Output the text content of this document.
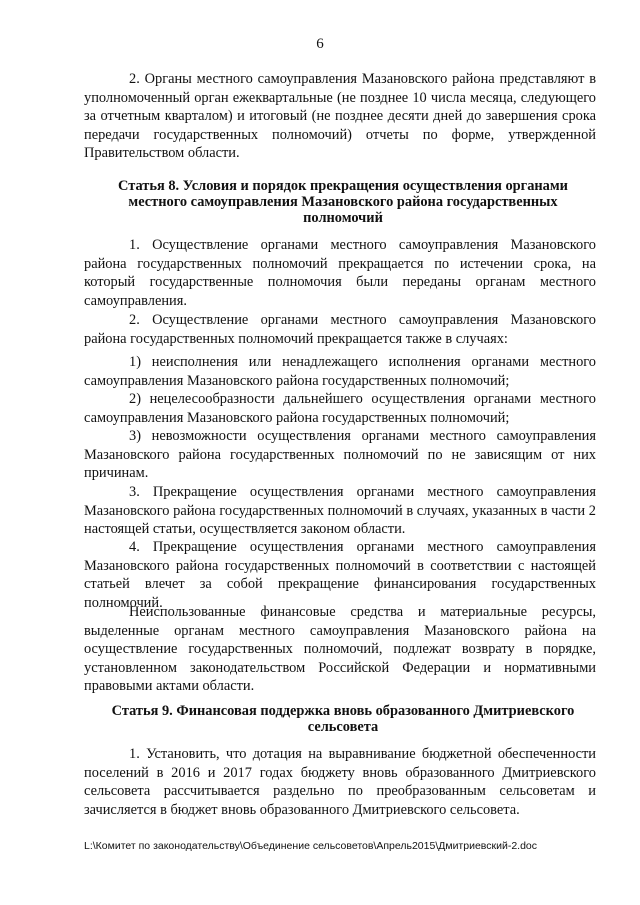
6

2. Органы местного самоуправления Мазановского района представляют в уполномоченный орган ежеквартальные (не позднее 10 числа месяца, следующего за отчетным кварталом) и итоговый (не позднее десяти дней до завершения срока передачи государственных полномочий) отчеты по форме, утвержденной Правительством области.

Статья 8. Условия и порядок прекращения осуществления органами местного самоуправления Мазановского района государственных полномочий

1. Осуществление органами местного самоуправления Мазановского района государственных полномочий прекращается по истечении срока, на который государственные полномочия были переданы органам местного самоуправления.

2. Осуществление органами местного самоуправления Мазановского района государственных полномочий прекращается также в случаях:

1) неисполнения или ненадлежащего исполнения органами местного самоуправления Мазановского района государственных полномочий;

2) нецелесообразности дальнейшего осуществления органами местного самоуправления Мазановского района государственных полномочий;

3) невозможности осуществления органами местного самоуправления Мазановского района государственных полномочий по не зависящим от них причинам.

3. Прекращение осуществления органами местного самоуправления Мазановского района государственных полномочий в случаях, указанных в части 2 настоящей статьи, осуществляется законом области.

4. Прекращение осуществления органами местного самоуправления Мазановского района государственных полномочий в соответствии с настоящей статьей влечет за собой прекращение финансирования государственных полномочий.

Неиспользованные финансовые средства и материальные ресурсы, выделенные органам местного самоуправления Мазановского района на осуществление государственных полномочий, подлежат возврату в порядке, установленном законодательством Российской Федерации и нормативными правовыми актами области.

Статья 9. Финансовая поддержка вновь образованного Дмитриевского сельсовета

1. Установить, что дотация на выравнивание бюджетной обеспеченности поселений в 2016 и 2017 годах бюджету вновь образованного Дмитриевского сельсовета рассчитывается раздельно по преобразованным сельсоветам и зачисляется в бюджет вновь образованного Дмитриевского сельсовета.

L:\Комитет по законодательству\Объединение сельсоветов\Апрель2015\Дмитриевский-2.doc
